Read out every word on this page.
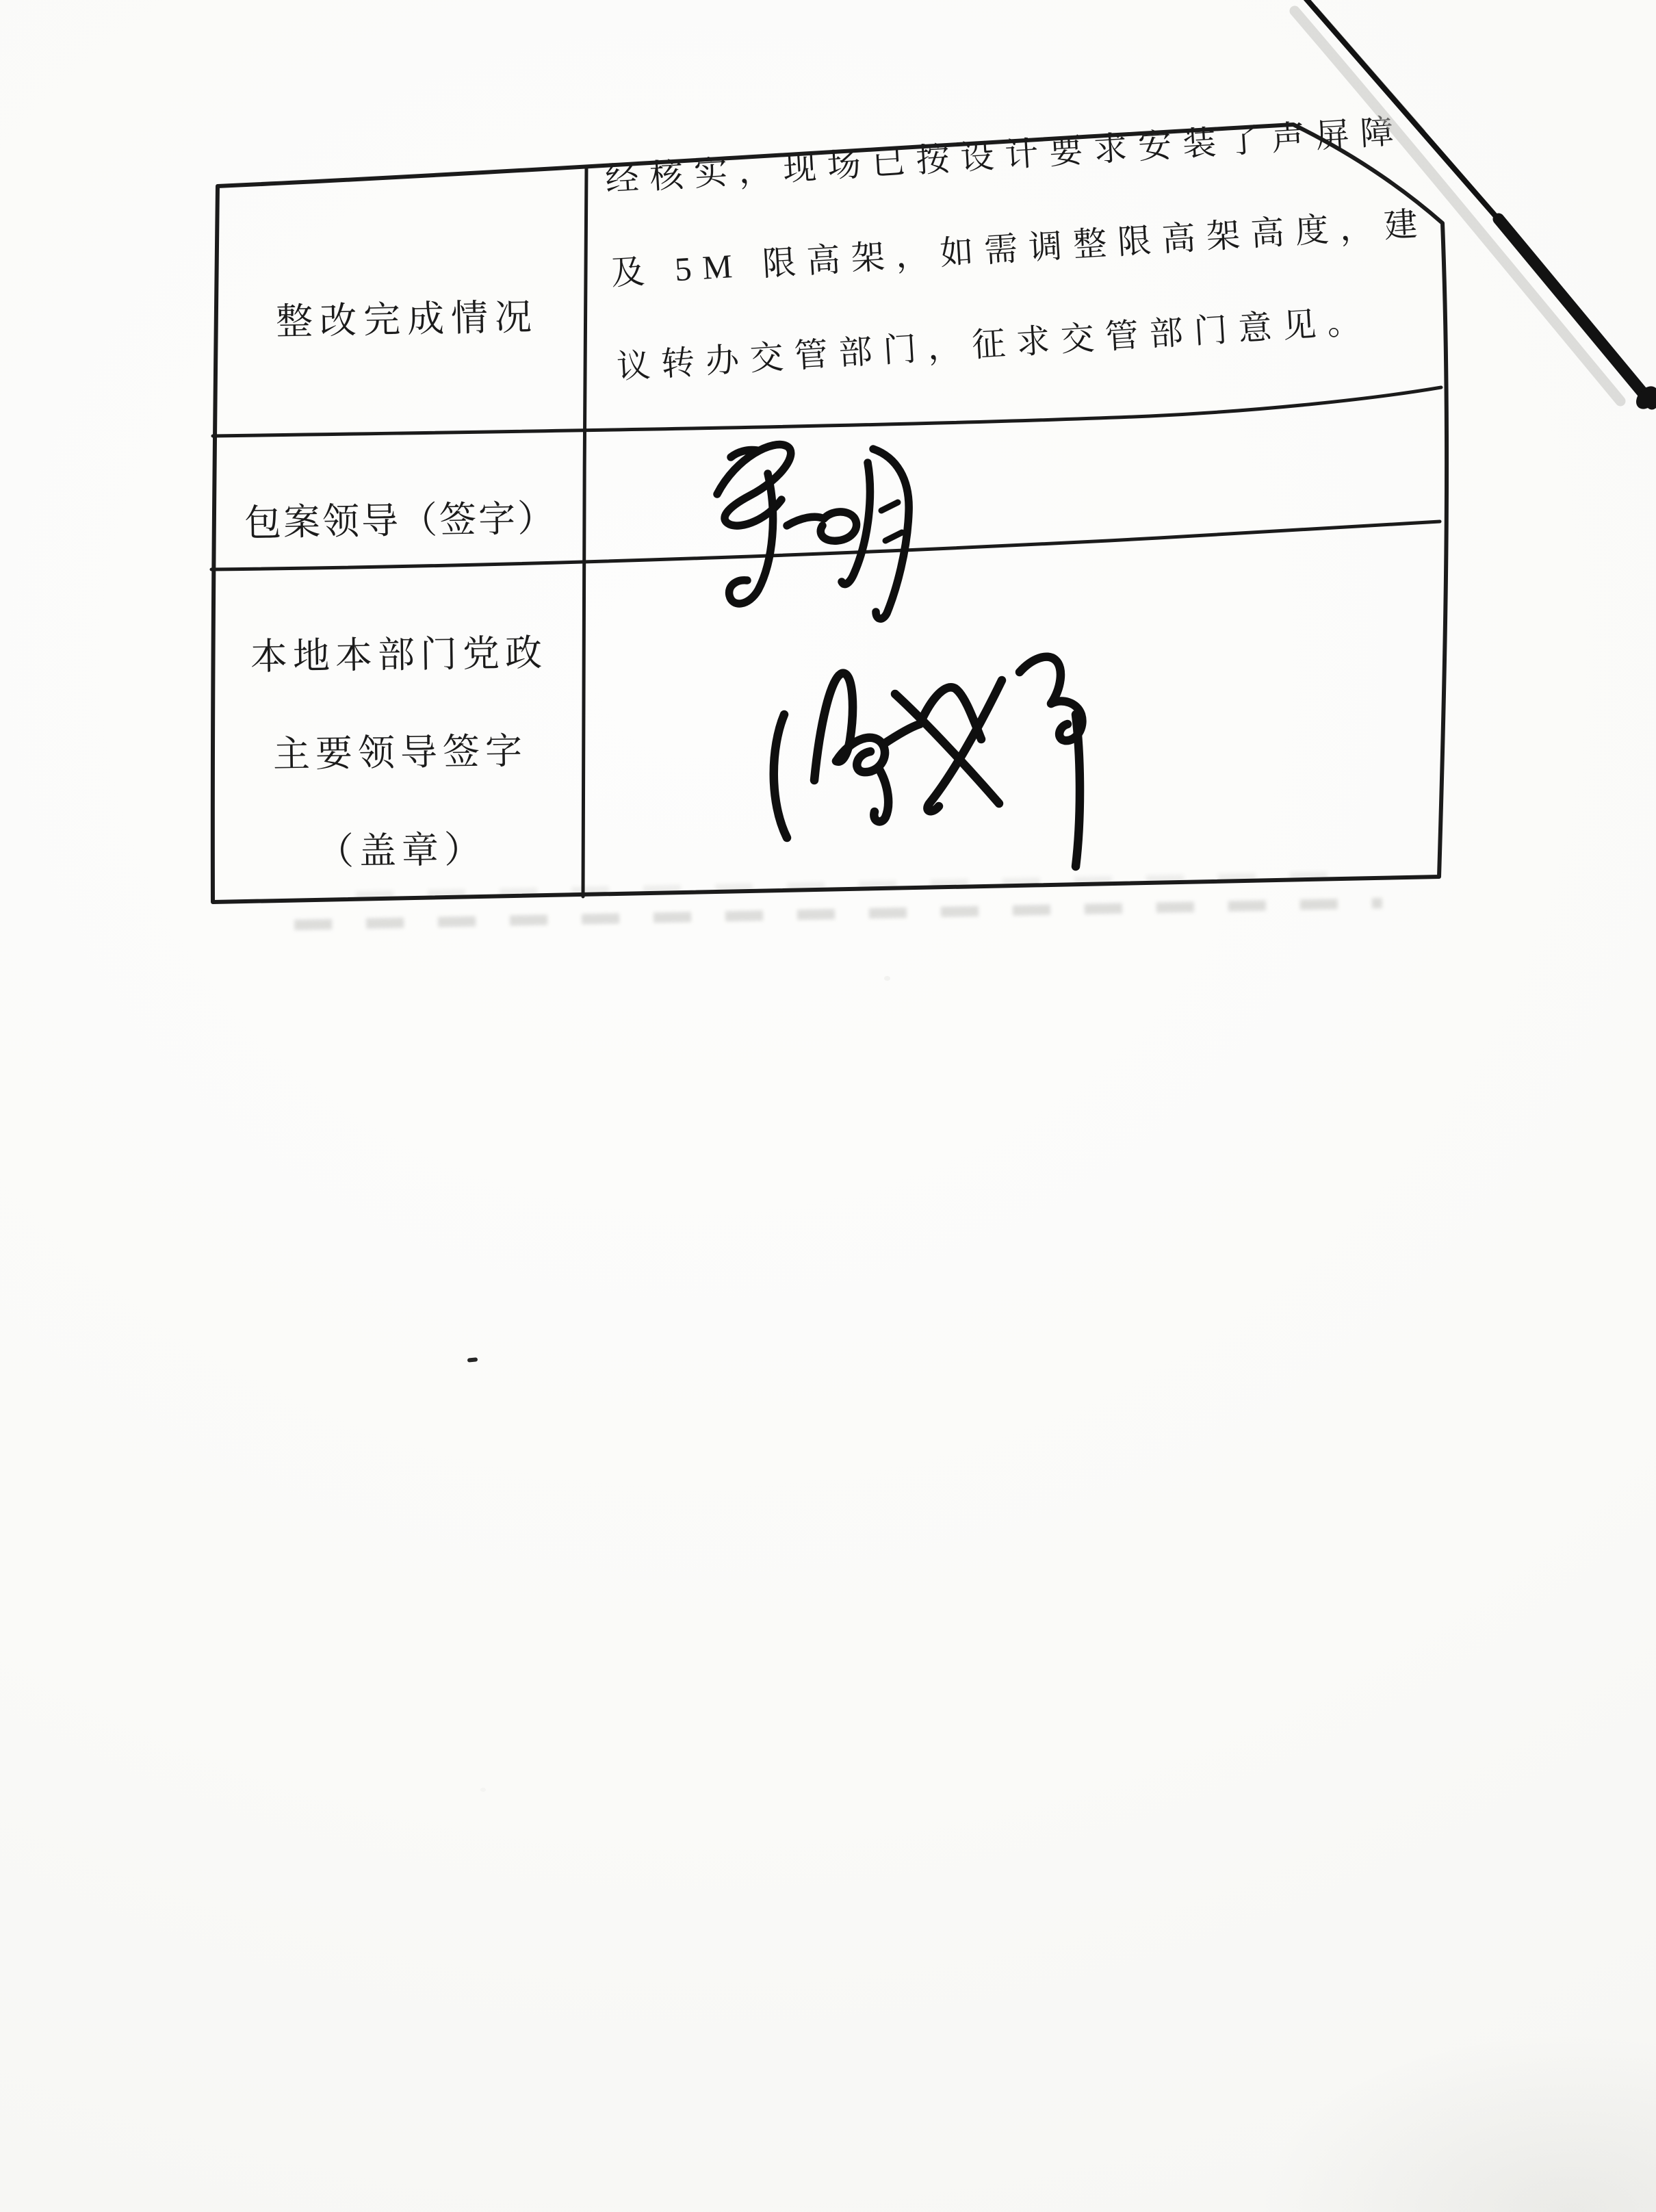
整改完成情况
经核实，现场已按设计要求安装了声屏障
及 5M 限高架，如需调整限高架高度，建
议转办交管部门，征求交管部门意见。
包案领导（签字）
本地本部门党政
主要领导签字
（盖章）
